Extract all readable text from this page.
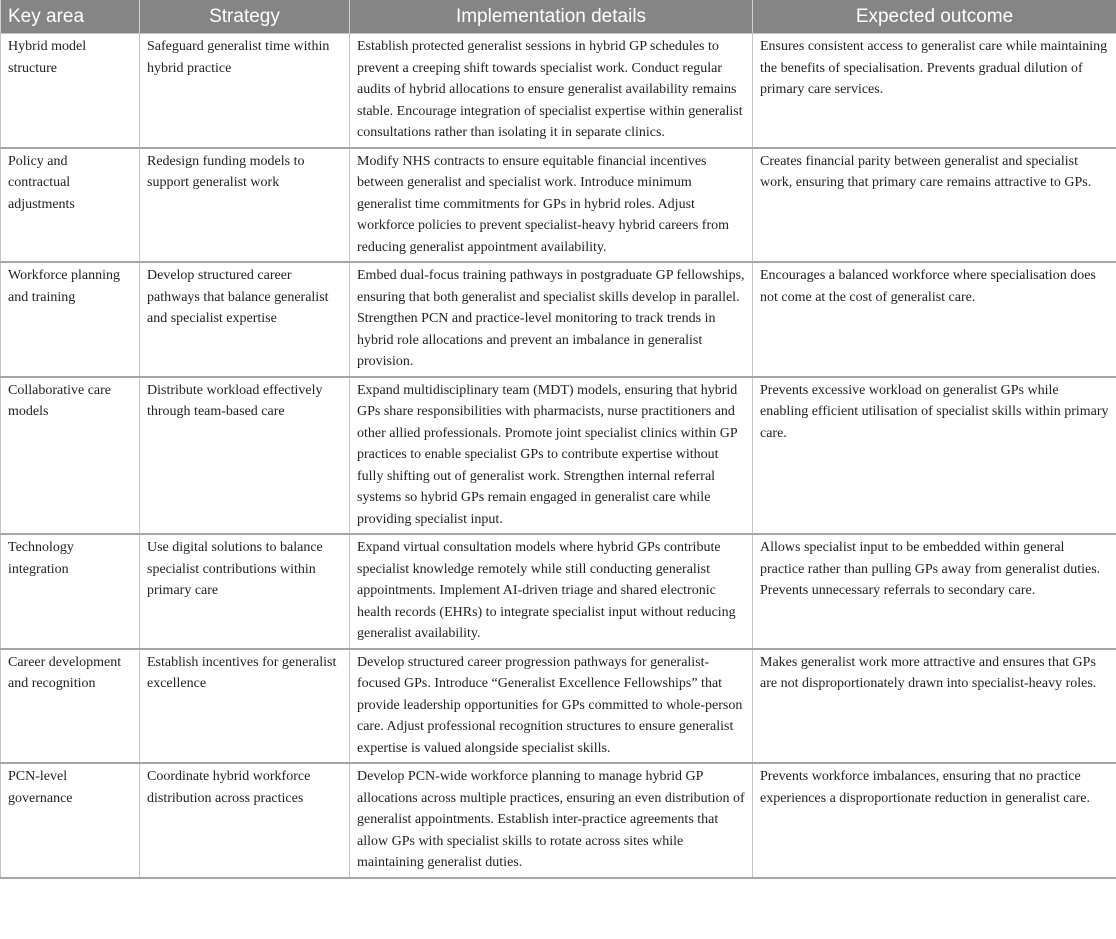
Key area	Strategy	Implementation details	Expected outcome
Hybrid model structure	Safeguard generalist time within hybrid practice	Establish protected generalist sessions in hybrid GP schedules to prevent a creeping shift towards specialist work. Conduct regular audits of hybrid allocations to ensure generalist availability remains stable. Encourage integration of specialist expertise within generalist consultations rather than isolating it in separate clinics.	Ensures consistent access to generalist care while maintaining the benefits of specialisation. Prevents gradual dilution of primary care services.
Policy and contractual adjustments	Redesign funding models to support generalist work	Modify NHS contracts to ensure equitable financial incentives between generalist and specialist work. Introduce minimum generalist time commitments for GPs in hybrid roles. Adjust workforce policies to prevent specialist-heavy hybrid careers from reducing generalist appointment availability.	Creates financial parity between generalist and specialist work, ensuring that primary care remains attractive to GPs.
Workforce planning and training	Develop structured career pathways that balance generalist and specialist expertise	Embed dual-focus training pathways in postgraduate GP fellowships, ensuring that both generalist and specialist skills develop in parallel. Strengthen PCN and practice-level monitoring to track trends in hybrid role allocations and prevent an imbalance in generalist provision.	Encourages a balanced workforce where specialisation does not come at the cost of generalist care.
Collaborative care models	Distribute workload effectively through team-based care	Expand multidisciplinary team (MDT) models, ensuring that hybrid GPs share responsibilities with pharmacists, nurse practitioners and other allied professionals. Promote joint specialist clinics within GP practices to enable specialist GPs to contribute expertise without fully shifting out of generalist work. Strengthen internal referral systems so hybrid GPs remain engaged in generalist care while providing specialist input.	Prevents excessive workload on generalist GPs while enabling efficient utilisation of specialist skills within primary care.
Technology integration	Use digital solutions to balance specialist contributions within primary care	Expand virtual consultation models where hybrid GPs contribute specialist knowledge remotely while still conducting generalist appointments. Implement AI-driven triage and shared electronic health records (EHRs) to integrate specialist input without reducing generalist availability.	Allows specialist input to be embedded within general practice rather than pulling GPs away from generalist duties. Prevents unnecessary referrals to secondary care.
Career development and recognition	Establish incentives for generalist excellence	Develop structured career progression pathways for generalist-focused GPs. Introduce “Generalist Excellence Fellowships” that provide leadership opportunities for GPs committed to whole-person care. Adjust professional recognition structures to ensure generalist expertise is valued alongside specialist skills.	Makes generalist work more attractive and ensures that GPs are not disproportionately drawn into specialist-heavy roles.
PCN-level governance	Coordinate hybrid workforce distribution across practices	Develop PCN-wide workforce planning to manage hybrid GP allocations across multiple practices, ensuring an even distribution of generalist appointments. Establish inter-practice agreements that allow GPs with specialist skills to rotate across sites while maintaining generalist duties.	Prevents workforce imbalances, ensuring that no practice experiences a disproportionate reduction in generalist care.
